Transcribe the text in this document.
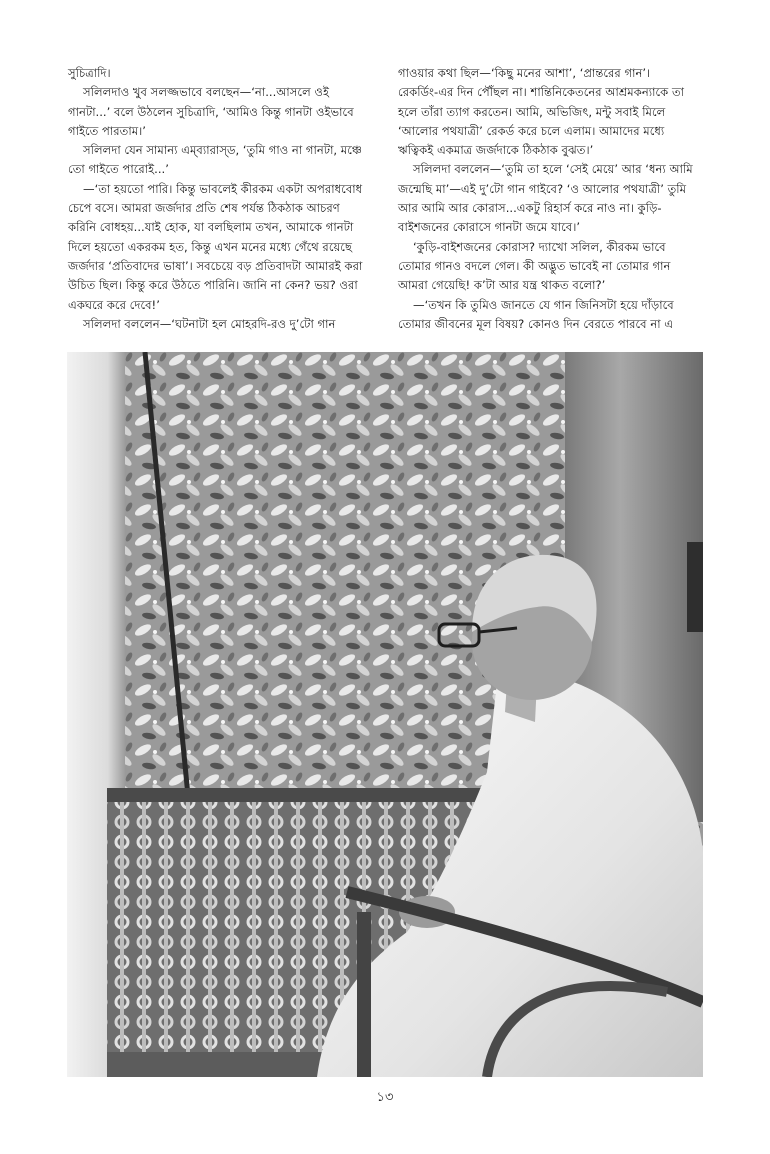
সুচিত্রাদি।

সলিলদাও খুব সলজ্জভাবে বলছেন—‘না...আসলে ওই গানটা...’ বলে উঠলেন সুচিত্রাদি, ‘আমিও কিন্তু গানটা ওইভাবে গাইতে পারতাম।’

সলিলদা যেন সামান্য এম্‌ব্যারাস্‌ড, ‘তুমি গাও না গানটা, মঞ্চে তো গাইতে পারোই...’

—‘তা হয়তো পারি। কিন্তু ভাবলেই কীরকম একটা অপরাধবোধ চেপে বসে। আমরা জর্জদার প্রতি শেষ পর্যন্ত ঠিকঠাক আচরণ করিনি বোধহয়...যাই হোক, যা বলছিলাম তখন, আমাকে গানটা দিলে হয়তো একরকম হত, কিন্তু এখন মনের মধ্যে গেঁথে রয়েছে জর্জদার ‘প্রতিবাদের ভাষা’। সবচেয়ে বড় প্রতিবাদটা আমারই করা উচিত ছিল। কিন্তু করে উঠতে পারিনি। জানি না কেন? ভয়? ওরা একঘরে করে দেবে!’

সলিলদা বললেন—‘ঘটনাটা হল মোহরদি-রও দু’টো গান

গাওয়ার কথা ছিল—‘কিছু মনের আশা’, ‘প্রান্তরের গান’। রেকর্ডিং-এর দিন পৌঁছল না। শান্তিনিকেতনের আশ্রমকন্যাকে তা হলে তাঁরা ত্যাগ করতেন। আমি, অভিজিৎ, মন্টু সবাই মিলে ‘আলোর পথযাত্রী’ রেকর্ড করে চলে এলাম। আমাদের মধ্যে ঋত্বিকই একমাত্র জর্জদাকে ঠিকঠাক বুঝত।’

সলিলদা বললেন—‘তুমি তা হলে ‘সেই মেয়ে’ আর ‘ধন্য আমি জন্মেছি মা’—এই দু’টো গান গাইবে? ‘ও আলোর পথযাত্রী’ তুমি আর আমি আর কোরাস...একটু রিহার্স করে নাও না। কুড়ি-বাইশজনের কোরাসে গানটা জমে যাবে।’

‘কুড়ি-বাইশজনের কোরাস? দ্যাখো সলিল, কীরকম ভাবে তোমার গানও বদলে গেল। কী অদ্ভুত ভাবেই না তোমার গান আমরা গেয়েছি! ক’টা আর যন্ত্র থাকত বলো?’

—‘তখন কি তুমিও জানতে যে গান জিনিসটা হয়ে দাঁড়াবে তোমার জীবনের মূল বিষয়? কোনও দিন বেরতে পারবে না এ

১৩
